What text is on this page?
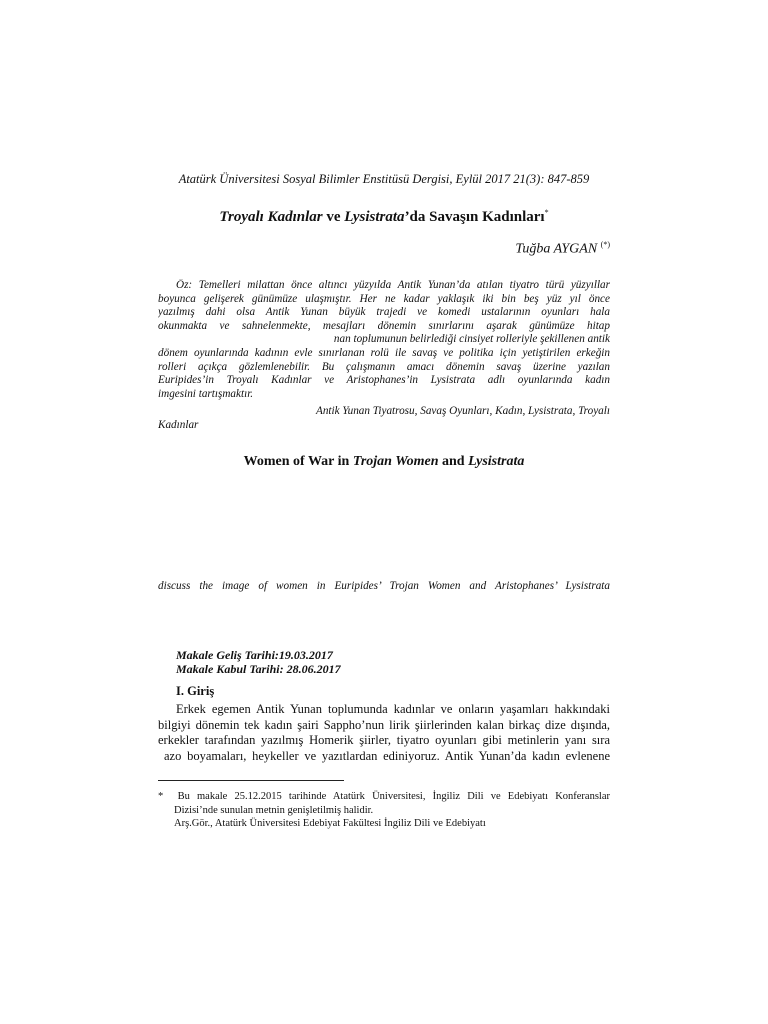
Atatürk Üniversitesi Sosyal Bilimler Enstitüsü Dergisi, Eylül 2017 21(3): 847-859
Troyalı Kadınlar ve Lysistrata’da Savaşın Kadınları*
Tuğba AYGAN (*)
Öz: Temelleri milattan önce altıncı yüzyılda Antik Yunan’da atılan tiyatro türü yüzyıllar
boyunca gelişerek günümüze ulaşmıştır. Her ne kadar yaklaşık iki bin beş yüz yıl önce
yazılmış dahi olsa Antik Yunan büyük trajedi ve komedi ustalarının oyunları hala
okunmakta ve sahnelenmekte, mesajları dönemin sınırlarını aşarak günümüze hitap
nan toplumunun belirlediği cinsiyet rolleriyle şekillenen antik
dönem oyunlarında kadının evle sınırlanan rolü ile savaş ve politika için yetiştirilen erkeğin
rolleri açıkça gözlemlenebilir. Bu çalışmanın amacı dönemin savaş üzerine yazılan
Euripides’in Troyalı Kadınlar ve Aristophanes’in Lysistrata adlı oyunlarında kadın
imgesini tartışmaktır.
Antik Yunan Tiyatrosu, Savaş Oyunları, Kadın, Lysistrata, Troyalı
Kadınlar
Women of War in Trojan Women and Lysistrata
discuss the image of women in Euripides’ Trojan Women and Aristophanes’ Lysistrata
Makale Geliş Tarihi:19.03.2017
Makale Kabul Tarihi: 28.06.2017
I. Giriş
Erkek egemen Antik Yunan toplumunda kadınlar ve onların yaşamları hakkındaki
bilgiyi dönemin tek kadın şairi Sappho’nun lirik şiirlerinden kalan birkaç dize dışında,
erkekler tarafından yazılmış Homerik şiirler, tiyatro oyunları gibi metinlerin yanı sıra
azo boyamaları, heykeller ve yazıtlardan ediniyoruz. Antik Yunan’da kadın evlenene
* Bu makale 25.12.2015 tarihinde Atatürk Üniversitesi, İngiliz Dili ve Edebiyatı Konferanslar
Dizisi’nde sunulan metnin genişletilmiş halidir.
Arş.Gör., Atatürk Üniversitesi Edebiyat Fakültesi İngiliz Dili ve Edebiyatı
